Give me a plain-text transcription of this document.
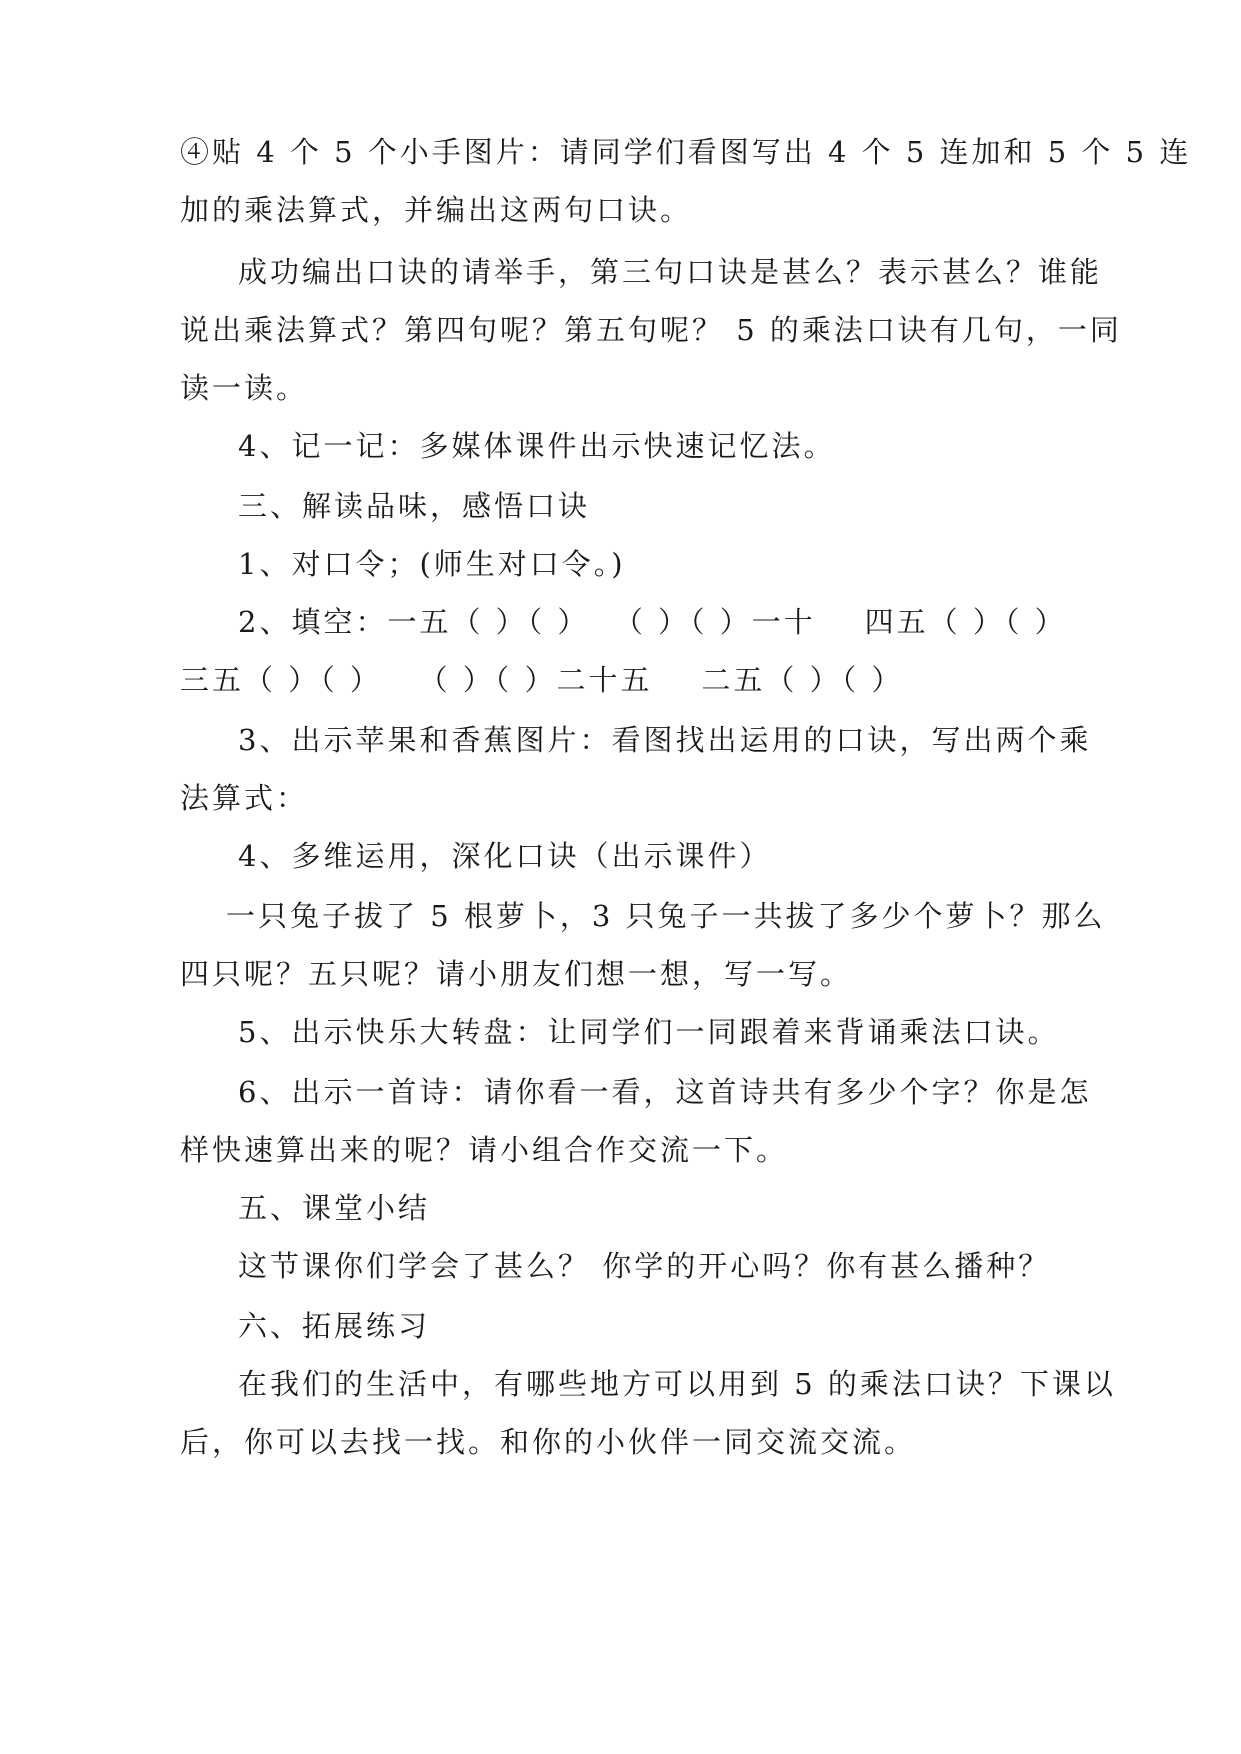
④贴 4 个 5 个小手图片：请同学们看图写出 4 个 5 连加和 5 个 5 连
加的乘法算式，并编出这两句口诀。
成功编出口诀的请举手，第三句口诀是甚么？表示甚么？谁能
说出乘法算式？第四句呢？第五句呢？ 5 的乘法口诀有几句，一同
读一读。
4、记一记：多媒体课件出示快速记忆法。
三、解读品味，感悟口诀
1、对口令；(师生对口令。)
2、填空：一五（ ）（ ）  （ ）（ ）一十    四五（ ）（ ）
三五（ ）（ ）   （ ）（ ）二十五    二五（ ）（ ）
3、出示苹果和香蕉图片：看图找出运用的口诀，写出两个乘
法算式：
4、多维运用，深化口诀（出示课件）
一只兔子拔了 5 根萝卜，3 只兔子一共拔了多少个萝卜？那么
四只呢？五只呢？请小朋友们想一想，写一写。
5、出示快乐大转盘：让同学们一同跟着来背诵乘法口诀。
6、出示一首诗：请你看一看，这首诗共有多少个字？你是怎
样快速算出来的呢？请小组合作交流一下。
五、课堂小结
这节课你们学会了甚么？ 你学的开心吗？你有甚么播种？
六、拓展练习
在我们的生活中，有哪些地方可以用到 5 的乘法口诀？下课以
后，你可以去找一找。和你的小伙伴一同交流交流。
